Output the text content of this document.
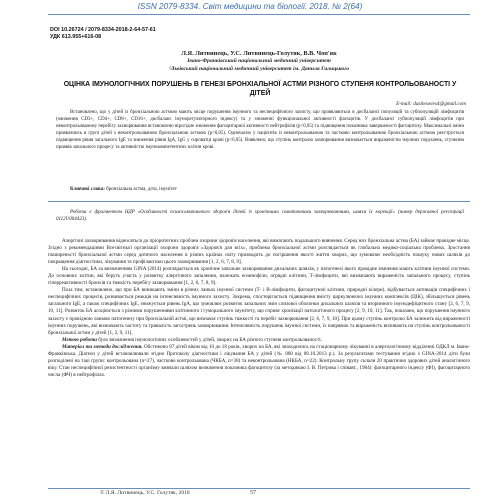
ISSN 2079-8334. Світ медицини та біології. 2018. № 2(64)
DOI 10.26724 / 2079-8334-2018-2-64-57-61
УДК 613.955+616-08
Л.Я. Литвинець, У.С. Литвинець-Голутяк, В.В. Чоп'як
Івано-Франківський національний медичний університет
¹Львівський національний медичний університет ім. Данила Галицького
ОЦІНКА ІМУНОЛОГІЧНИХ ПОРУШЕНЬ В ГЕНЕЗІ БРОНХІАЛЬНОЇ АСТМИ РІЗНОГО СТУПЕНЯ КОНТРОЛЬОВАНОСТІ У ДІТЕЙ
E-mail: dastleswies4@gmail.com
Встановлено, що у дітей із бронхіальною астмою мають місце порушення імунного та неспецифічного захисту, що проявляються в дисбалансі популяцій та субпопуляцій лімфоцитів (зниження CD3+, CD4+, CD8+, CD16+, дисбаланс імунорегуляторного індексу) та у зниженні функціональної активності фагоцитів. У дисбалансі субпопуляцій лімфоцитів при неконтрольованому перебігу захворювання встановлено вірогідне зниження фагоцитарної активності нейтрофілів (р<0,05) та підвищення показника завершеності фагоцитозу. Максимальні зміни проявлялись в групі дітей з неконтрольованою бронхіальною астмою (р<0,05). Одночасно у пацієнтів із неконтрольованою та частково контрольованою бронхіальною астмою реєструється підвищення рівня загального IgE та зниження рівня IgA, IgG у сироватці крові (р<0,05). Виявлено, що ступінь контролю захворювання визначається вираженістю імунних порушень, ступенем проявів запального процесу та активністю імунокомпетентних клітин крові.
Ключові слова: бронхіальна астма, діти, імунітет
Робота є фрагментом НДР «Особливості психосоматичного здоров'я дітей із хронічними соматичними захворюваннями, шляхи їх корекції» (номер державної реєстрації 0112U004423).

Алергічні захворювання відносяться до пріоритетних проблем охорони здоров'я населення, які вимагають подальшого вивчення. Серед них бронхіальна астма (БА) займає провідне місце. Згідно з рекомендаціями Всесвітньої організації охорони здоров'я «Здоров'я для всіх», проблема бронхіальної астми розглядається як глобальна медико-соціальна проблема. Зростання поширеності бронхіальної астми серед дитячого населення в різних країнах світу призводить до погіршення якості життя хворих, що зумовлює необхідність пошуку нових шляхів до покращення діагностики, лікування та профілактики цього захворювання [1, 2, 6, 7, 8, 9].

На сьогодні, БА за визначенням GINA (2014) розглядається як хронічне запальне захворювання дихальних шляхів, у патогенезі якого провідне значення мають клітини імунної системи. До основних клітин, які беруть участь у розвитку алергічного запалення, належать еозинофіли, огрядні клітини, Т-лімфоцити, які визначають вираженість запального процесу, ступінь гіперреактивності бронхів та тяжкість перебігу захворювання [1, 2, 6, 7, 8, 9].

Поза тим, встановлено, що при БА виникають зміни в різних ланках імунної системи (Т- і В-лімфоцити, фагоцитуючі клітини, природні кілери), відбувається активація специфічних і неспецифічних процесів, розвивається реакція на інтенсивність імунного захисту. Зокрема, спостерігається підвищення вмісту циркулюючих імунних комплексів (ЦІК), збільшується рівень загального IgE, а також специфічних IgE, знижується рівень IgA, що зумовлює розвиток запальних змін слизової оболонки дихальних шляхів та вторинного імунодефіцитного стану [2, 6, 7, 9, 10, 11]. Розвиток БА асоціюється з різними порушеннями клітинного і гуморального імунітету, що сприяє хронізації патологічного процесу [2, 9, 10, 11]. Так, показано, що порушення імунного захисту є провідною ланкою патогенезу при бронхіальній астмі, що визначає ступінь тяжкості та перебіг захворювання [2, 6, 7, 9, 10]. При цьому ступінь контролю БА залежить від вираженості імунних порушень, які визначають частоту та тривалість загострень захворювання. Інтенсивність порушень імунної системи, їх напрямок та вираженість впливають на ступінь контрольованості бронхіальної астми у дітей [1, 2, 9, 11].

Метою роботи було визначення імунологічних особливостей у дітей, хворих на БА різного ступеня контрольованості.

Матеріал та методи дослідження. Обстежено 87 дітей віком від 10 до 18 років, хворих на БА, які знаходились на стаціонарному лікуванні в алергологічному відділенні ОДКЛ м. Івано-Франківська. Діагноз у дітей встановлювали згідно Протоколу діагностики і лікування БА у дітей (№ 868 від 08.10.2013 р.). За результатами тестування згідно з GINA-2014 діти були розподілені на такі групи: контрольована (n=27), частково контрольована (ЧКБА, n=38) та неконтрольована (НКБА, n=22). Контрольну групу склали 20 практично здорових дітей аналогічного віку. Стан неспецифічної резистентності організму вивчали шляхом визначення показника фагоцитозу (за методикою І. В. Петрова і співавт., 1984): фагоцитарного індексу (ФІ), фагоцитарного числа (ФЧ) в нейтрофілах.

© Л.Я. Литвинець, У.С. Голутяк, 2018	57
